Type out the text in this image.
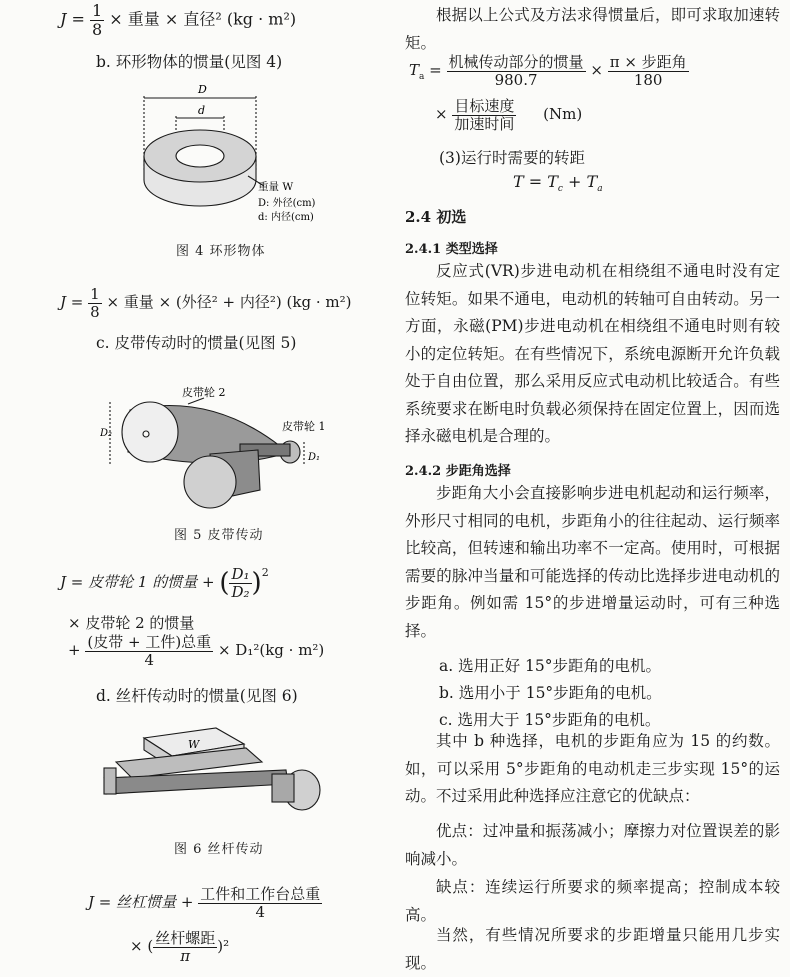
$J = \frac{1}{8}$ × 重量 × 直径² (kg · m²)
b. 环形物体的惯量(见图 4)
D
d
重量 W
D: 外径(cm)
d: 内径(cm)
图 4 环形物体
$J = \frac{1}{8}$ × 重量 × (外径² + 内径²) (kg · m²)
c. 皮带传动时的惯量(见图 5)
皮带轮 2
皮带轮 1
D₂
D₁
图 5 皮带传动
J = 皮带轮 1 的惯量 + ( $\frac{\text{D₁}}{\text{D₂}} )^2$
× 皮带轮 2 的惯量
+ $\frac{\text{(皮带 + 工件)总重}}{4} \times D_1^2(kg \cdot m^2)$
d. 丝杆传动时的惯量(见图 6)
W
图 6 丝杆传动
J = 丝杠惯量 + $\frac{\text{工件和工作台总重}}{4}$
× ( $\frac{\text{丝杆螺距}}{\pi} )^2$
根据以上公式及方法求得惯量后，即可求取加速转矩。
$T_a = \frac{\text{机械传动部分的惯量}}{980.7} \times \frac{\text{π × 步距角}}{180}$
× $\frac{\text{目标速度}}{\text{加速时间}} (Nm)$
(3)运行时需要的转距
$T = T_c + T_a$
2.4 初选
2.4.1 类型选择
反应式(VR)步进电动机在相绕组不通电时没有定位转矩。如果不通电，电动机的转轴可自由转动。另一方面，永磁(PM)步进电动机在相绕组不通电时则有较小的定位转矩。在有些情况下，系统电源断开允许负载处于自由位置，那么采用反应式电动机比较适合。有些系统要求在断电时负载必须保持在固定位置上，因而选择永磁电机是合理的。
2.4.2 步距角选择
步距角大小会直接影响步进电机起动和运行频率，外形尺寸相同的电机，步距角小的往往起动、运行频率比较高，但转速和输出功率不一定高。使用时，可根据需要的脉冲当量和可能选择的传动比选择步进电动机的步距角。例如需 15°的步进增量运动时，可有三种选择。
a. 选用正好 15°步距角的电机。
b. 选用小于 15°步距角的电机。
c. 选用大于 15°步距角的电机。
其中 b 种选择，电机的步距角应为 15 的约数。如，可以采用 5°步距角的电动机走三步实现 15°的运动。不过采用此种选择应注意它的优缺点：
优点：过冲量和振荡减小；摩擦力对位置误差的影响减小。
缺点：连续运行所要求的频率提高；控制成本较高。
当然，有些情况所要求的步距增量只能用几步实现。
